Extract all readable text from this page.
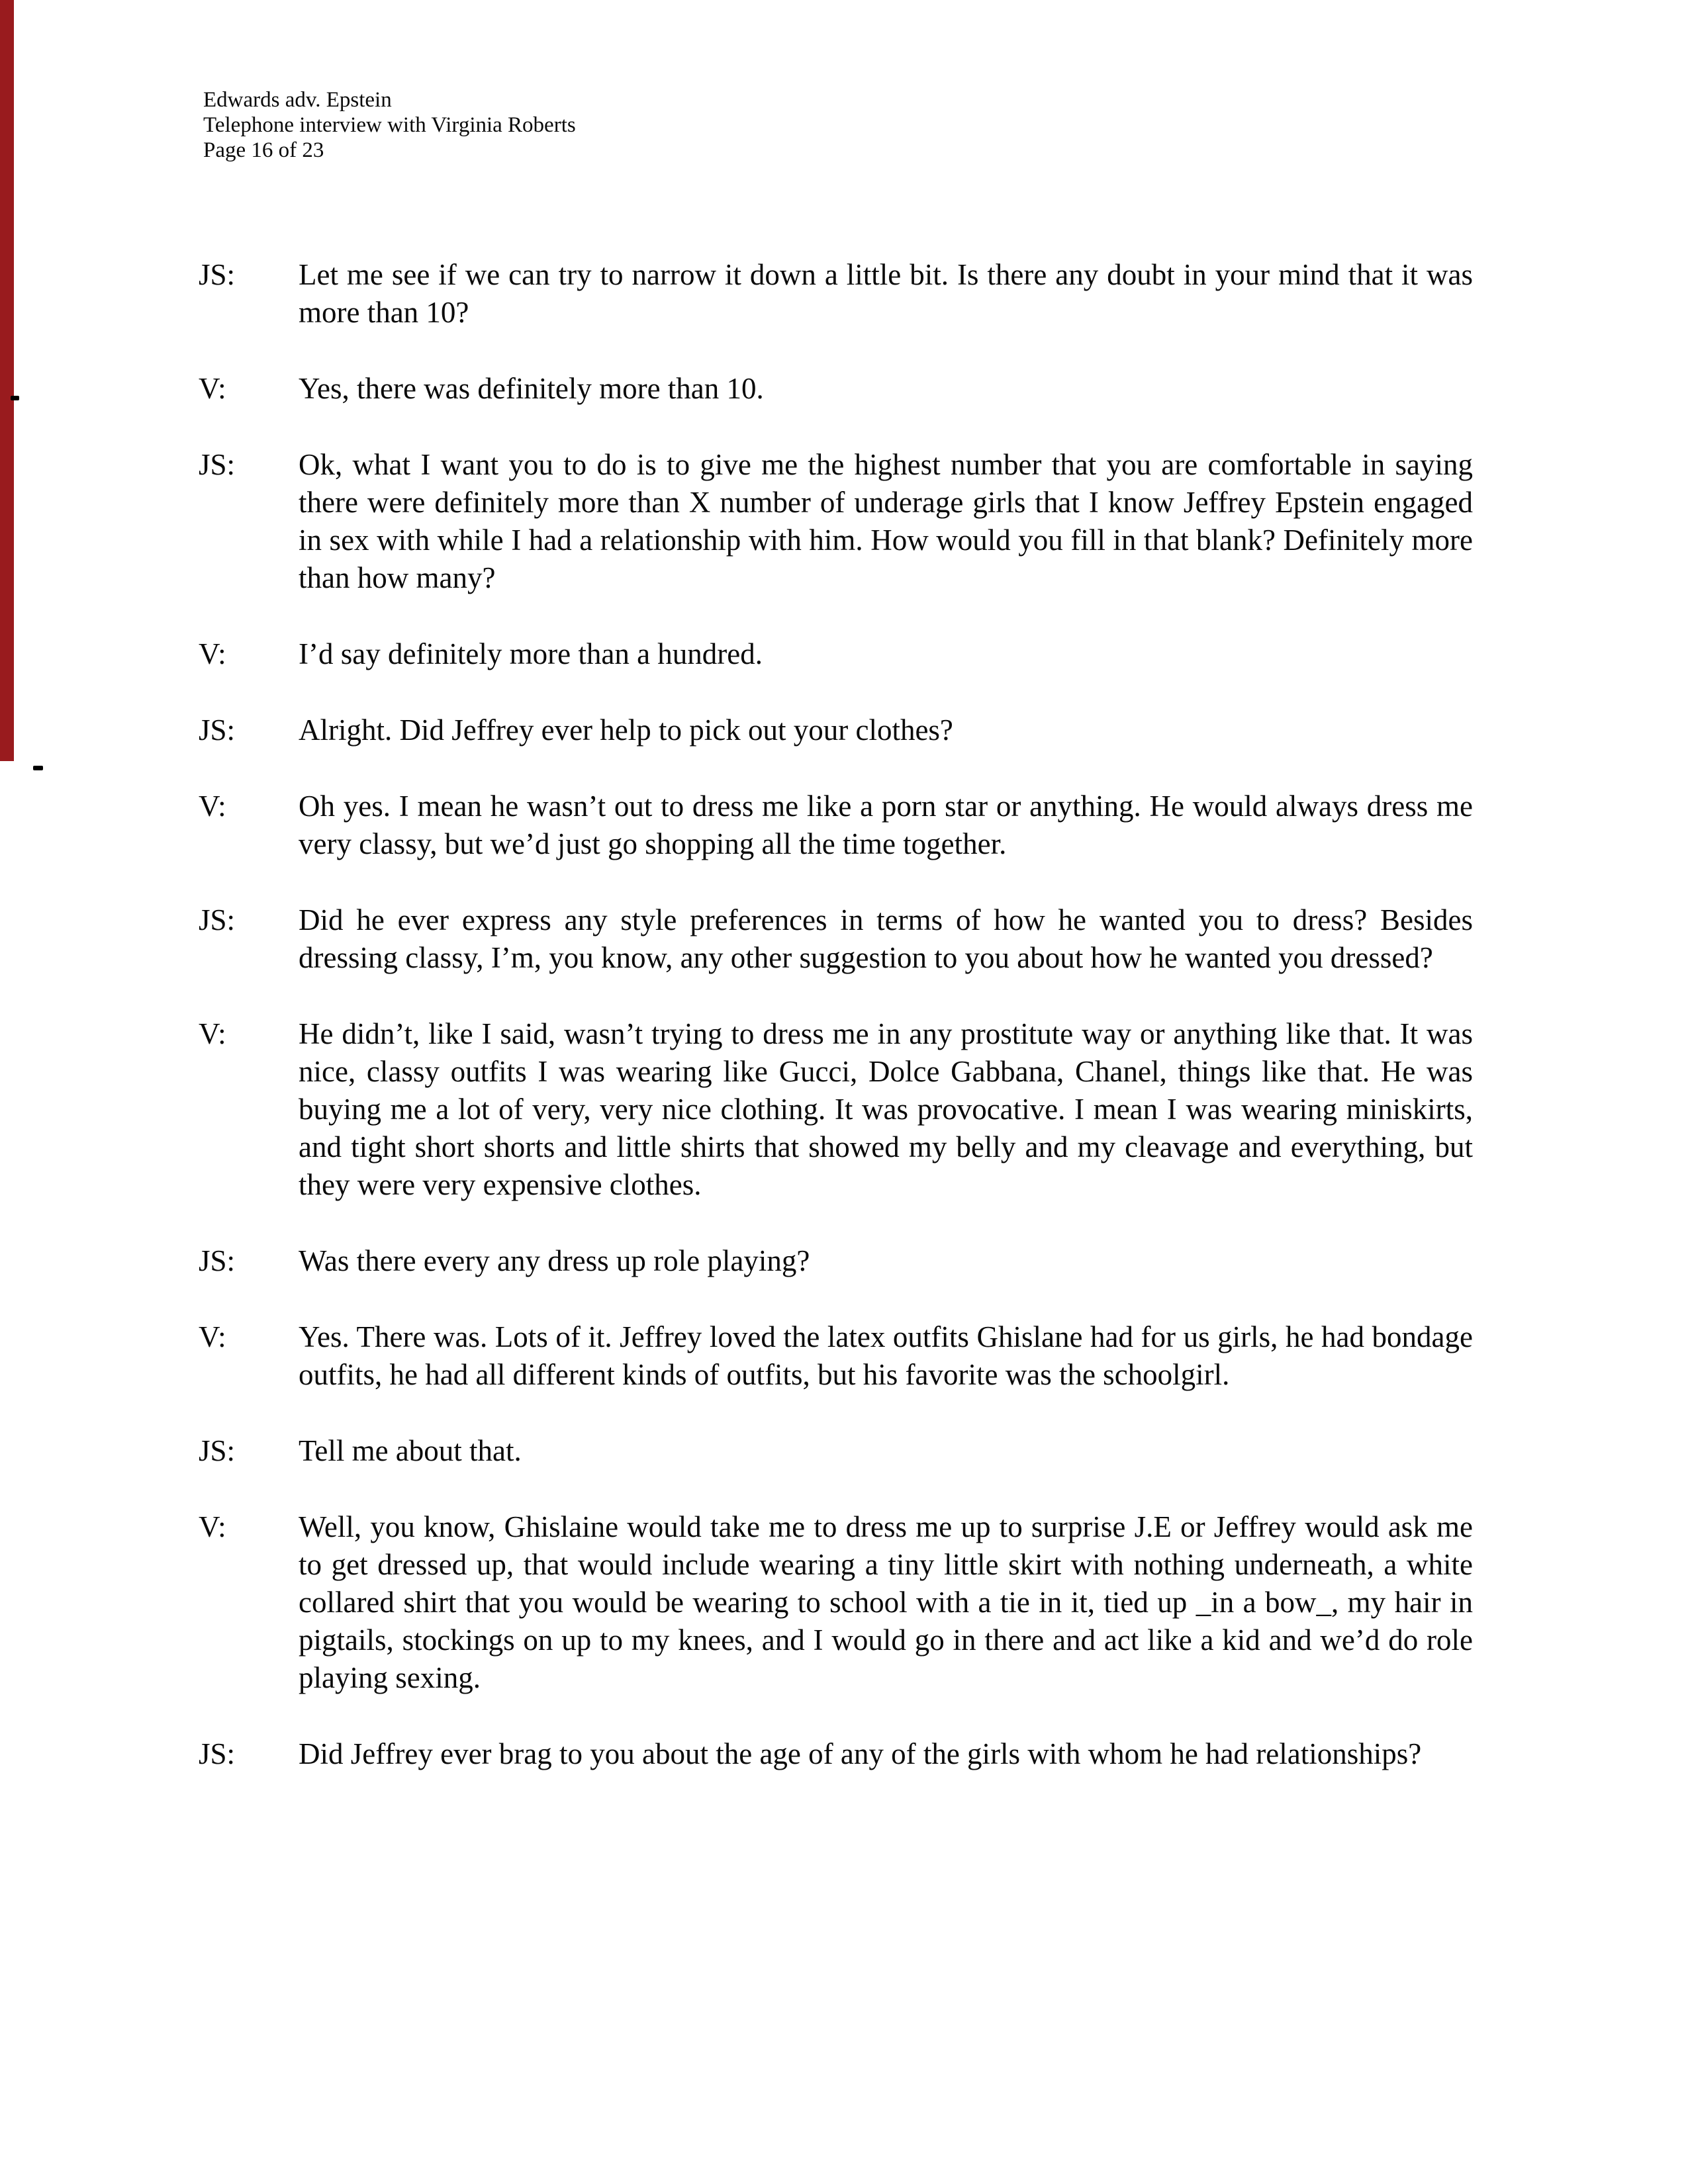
Edwards adv. Epstein
Telephone interview with Virginia Roberts
Page 16 of 23
JS:	Let me see if we can try to narrow it down a little bit. Is there any doubt in your mind that it was more than 10?
V:	Yes, there was definitely more than 10.
JS:	Ok, what I want you to do is to give me the highest number that you are comfortable in saying there were definitely more than X number of underage girls that I know Jeffrey Epstein engaged in sex with while I had a relationship with him. How would you fill in that blank? Definitely more than how many?
V:	I’d say definitely more than a hundred.
JS:	Alright. Did Jeffrey ever help to pick out your clothes?
V:	Oh yes. I mean he wasn’t out to dress me like a porn star or anything. He would always dress me very classy, but we’d just go shopping all the time together.
JS:	Did he ever express any style preferences in terms of how he wanted you to dress? Besides dressing classy, I’m, you know, any other suggestion to you about how he wanted you dressed?
V:	He didn’t, like I said, wasn’t trying to dress me in any prostitute way or anything like that. It was nice, classy outfits I was wearing like Gucci, Dolce Gabbana, Chanel, things like that. He was buying me a lot of very, very nice clothing. It was provocative. I mean I was wearing miniskirts, and tight short shorts and little shirts that showed my belly and my cleavage and everything, but they were very expensive clothes.
JS:	Was there every any dress up role playing?
V:	Yes. There was. Lots of it. Jeffrey loved the latex outfits Ghislane had for us girls, he had bondage outfits, he had all different kinds of outfits, but his favorite was the schoolgirl.
JS:	Tell me about that.
V:	Well, you know, Ghislaine would take me to dress me up to surprise J.E or Jeffrey would ask me to get dressed up, that would include wearing a tiny little skirt with nothing underneath, a white collared shirt that you would be wearing to school with a tie in it, tied up _in a bow_, my hair in pigtails, stockings on up to my knees, and I would go in there and act like a kid and we’d do role playing sexing.
JS:	Did Jeffrey ever brag to you about the age of any of the girls with whom he had relationships?
